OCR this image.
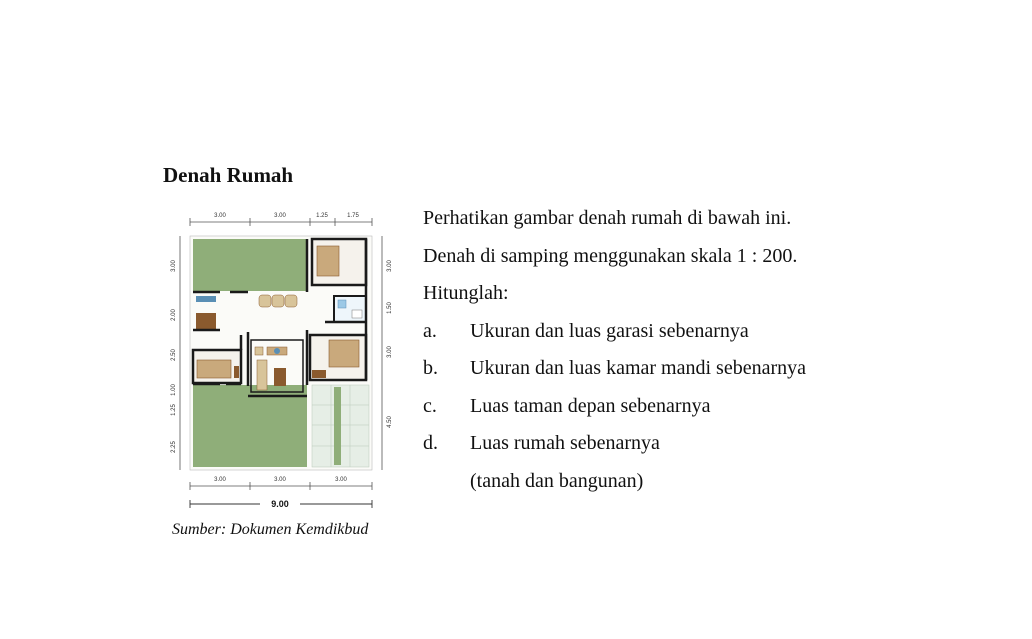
Denah Rumah
3.00	3.00	1.25	1.75
3.00
2.00
2.50
1.25
1.00
2.25
3.00
1.50
3.00
4.50
3.00	3.00	3.00
9.00
Sumber: Dokumen Kemdikbud
Perhatikan gambar denah rumah di bawah ini.
Denah di samping menggunakan skala 1 : 200.
Hitunglah:
a.	Ukuran dan luas garasi sebenarnya
b.	Ukuran dan luas kamar mandi sebenarnya
c.	Luas taman depan sebenarnya
d.	Luas rumah sebenarnya
(tanah dan bangunan)
